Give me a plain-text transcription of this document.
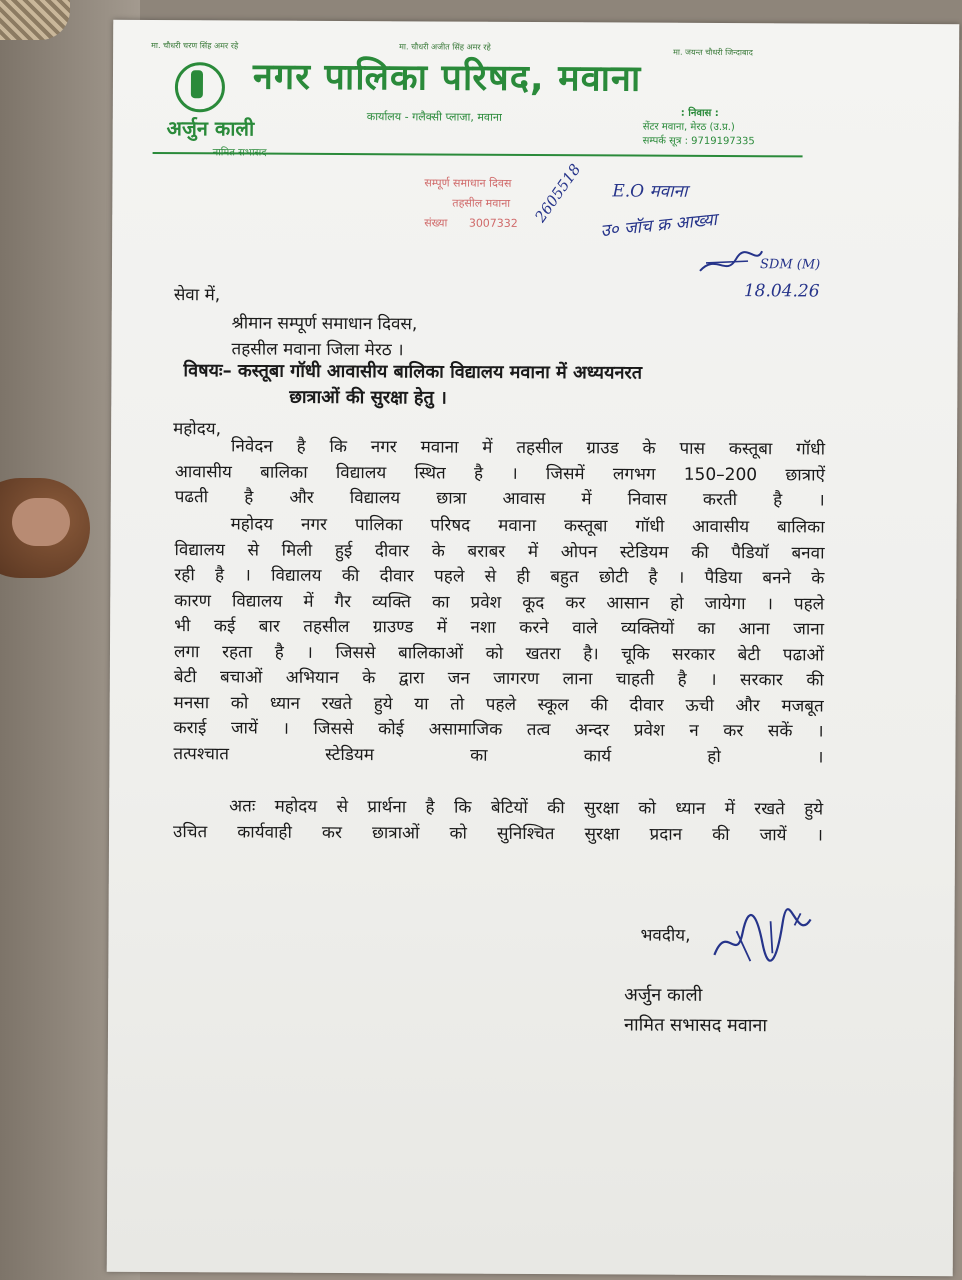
मा. चौधरी चरण सिंह अमर रहे	मा. चौधरी अजीत सिंह अमर रहे
मा. जयन्त चौधरी जिन्दाबाद
नगर पालिका परिषद, मवाना
अर्जुन काली	कार्यालय - गलैक्सी प्लाजा, मवाना	: निवास :
सेंटर मवाना, मेरठ (उ.प्र.)
सम्पर्क सूत्र : 9719197335
सम्पूर्ण समाधान दिवस
तहसील मवाना
संख्या 3007332 2605518 E.O मवाना
उ० जॉच क्र आख्या
SDM (M)
18.04.26
सेवा में,
श्रीमान सम्पूर्ण समाधान दिवस,
तहसील मवाना जिला मेरठ ।
विषयः– कस्तूबा गॉधी आवासीय बालिका विद्यालय मवाना में अध्ययनरत
छात्राओं की सुरक्षा हेतु ।
महोदय,
निवेदन है कि नगर मवाना में तहसील ग्राउड के पास कस्तूबा गॉधी
आवासीय बालिका विद्यालय स्थित है । जिसमें लगभग 150–200 छात्राऐं
पढती है और विद्यालय छात्रा आवास में निवास करती है ।
महोदय नगर पालिका परिषद मवाना कस्तूबा गॉधी आवासीय बालिका
विद्यालय से मिली हुई दीवार के बराबर में ओपन स्टेडियम की पैडियॉ बनवा
रही है । विद्यालय की दीवार पहले से ही बहुत छोटी है । पैडिया बनने के
कारण विद्यालय में गैर व्यक्ति का प्रवेश कूद कर आसान हो जायेगा । पहले
भी कई बार तहसील ग्राउण्ड में नशा करने वाले व्यक्तियों का आना जाना
लगा रहता है । जिससे बालिकाओं को खतरा है। चूकि सरकार बेटी पढाओं
बेटी बचाओं अभियान के द्वारा जन जागरण लाना चाहती है । सरकार की
मनसा को ध्यान रखते हुये या तो पहले स्कूल की दीवार ऊची और मजबूत
कराई जायें । जिससे कोई असामाजिक तत्व अन्दर प्रवेश न कर सकें ।
तत्पश्चात स्टेडियम का कार्य हो ।
अतः महोदय से प्रार्थना है कि बेटियों की सुरक्षा को ध्यान में रखते हुये
उचित कार्यवाही कर छात्राओं को सुनिश्चित सुरक्षा प्रदान की जायें ।
भवदीय,
अर्जुन काली
नामित सभासद मवाना
